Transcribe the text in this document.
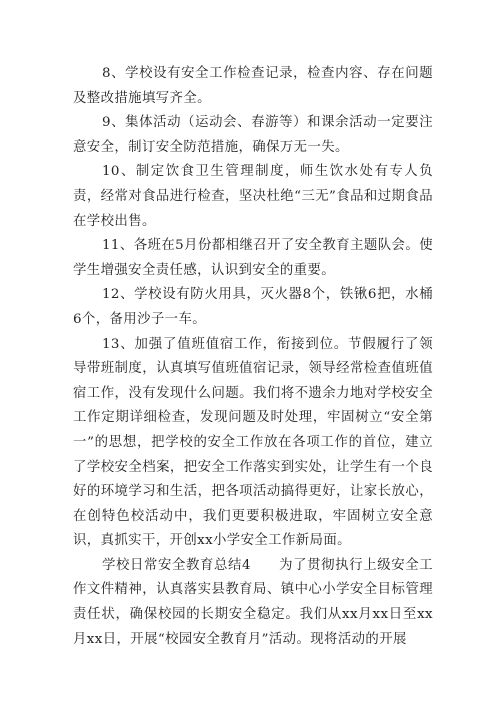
8、学校设有安全工作检查记录，检查内容、存在问题及整改措施填写齐全。

9、集体活动（运动会、春游等）和课余活动一定要注意安全，制订安全防范措施，确保万无一失。

10、制定饮食卫生管理制度，师生饮水处有专人负责，经常对食品进行检查，坚决杜绝“三无”食品和过期食品在学校出售。

11、各班在5月份都相继召开了安全教育主题队会。使学生增强安全责任感，认识到安全的重要。

12、学校设有防火用具，灭火器8个，铁锹6把，水桶6个，备用沙子一车。

13、加强了值班值宿工作，衔接到位。节假履行了领导带班制度，认真填写值班值宿记录，领导经常检查值班值宿工作，没有发现什么问题。我们将不遗余力地对学校安全工作定期详细检查，发现问题及时处理，牢固树立“安全第一”的思想，把学校的安全工作放在各项工作的首位，建立了学校安全档案，把安全工作落实到实处，让学生有一个良好的环境学习和生活，把各项活动搞得更好，让家长放心，在创特色校活动中，我们更要积极进取，牢固树立安全意识，真抓实干，开创xx小学安全工作新局面。

学校日常安全教育总结4　　为了贯彻执行上级安全工作文件精神，认真落实县教育局、镇中心小学安全目标管理责任状，确保校园的长期安全稳定。我们从xx月xx日至xx月xx日，开展“校园安全教育月”活动。现将活动的开展
